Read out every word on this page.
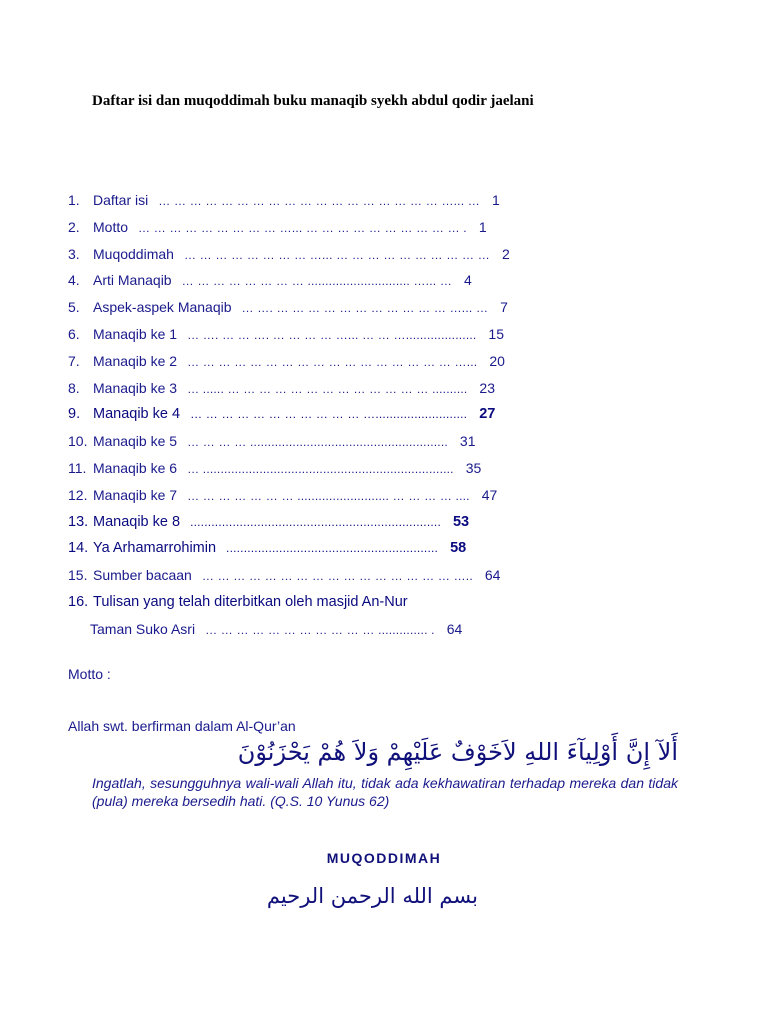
Daftar isi dan muqoddimah buku manaqib syekh abdul qodir jaelani
1. Daftar isi … … … … … … … … … … … … … … … … … … …... … 1
2. Motto … … … … … … … … … …... … … … … … … … … … … . 1
3. Muqoddimah … … … … … … … … …... … … … … … … … … … … 2
4. Arti Manaqib … … … … … … … … ............................. …... … 4
5. Aspek-aspek Manaqib … …. … … … … … … … … … … … …... … 7
6. Manaqib ke 1 … …. … … …. … … … … …... … … ….................... 15
7. Manaqib ke 2 … … … … … … … … … … … … … … … … … …... 20
8. Manaqib ke 3 … ...... … … … … … … … … … … … … … .......... 23
9. Manaqib ke 4 … … … … … … … … … … … ….......................... 27
10. Manaqib ke 5 … … … … ........................................................ 31
11. Manaqib ke 6 … ....................................................................... 35
12. Manaqib ke 7 … … … … … … … .......................... … … … … .... 47
13. Manaqib ke 8 ....................................................................... 53
14. Ya Arhamarrohimin ............................................................ 58
15. Sumber bacaan … … … … … … … … … … … … … … … … ….. 64
16. Tulisan yang telah diterbitkan oleh masjid An-Nur
Taman Suko Asri … … … … … … … … … … … .............. . 64
Motto :
Allah swt. berfirman dalam Al-Qur’an
أَلآ إِنَّ أَوْلِيآءَ اللهِ لاَخَوْفٌ عَلَيْهِمْ وَلاَ هُمْ يَحْزَنُوْنَ
Ingatlah, sesungguhnya wali-wali Allah itu, tidak ada kekhawatiran terhadap mereka dan tidak (pula) mereka bersedih hati. (Q.S. 10 Yunus 62)
MUQODDIMAH
بسم الله الرحمن الرحيم
